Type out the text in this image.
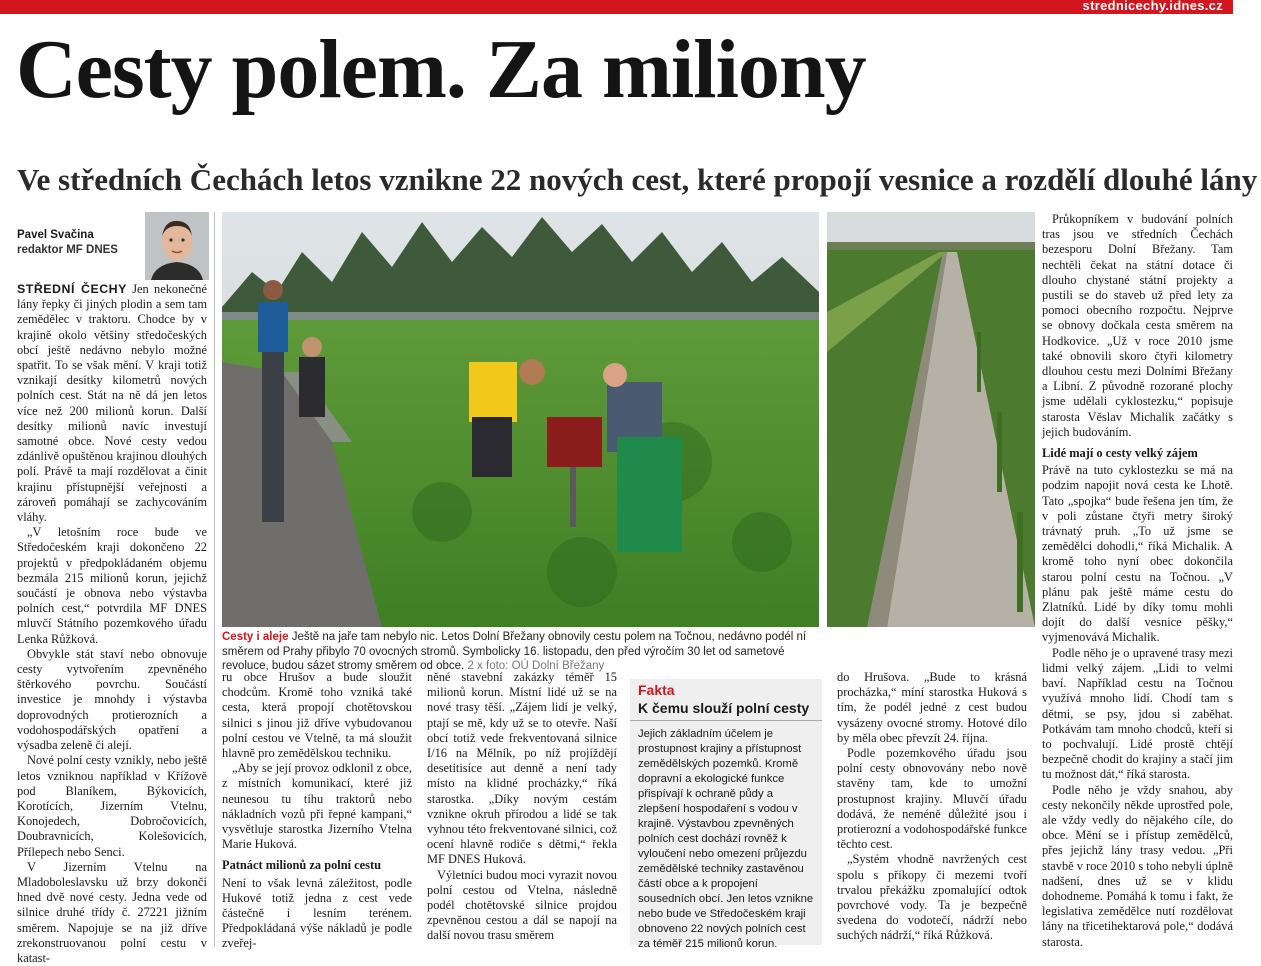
strednicechy.idnes.cz
Cesty polem. Za miliony
Ve středních Čechách letos vznikne 22 nových cest, které propojí vesnice a rozdělí dlouhé lány
Pavel Svačina
redaktor MF DNES

STŘEDNÍ ČECHY Jen nekonečné lány řepky či jiných plodin a sem tam zemědělec v traktoru. Chodce by v krajině okolo většiny středočeských obcí ještě nedávno nebylo možné spatřit. To se však mění. V kraji totiž vznikají desítky kilometrů nových polních cest. Stát na ně dá jen letos více než 200 milionů korun. Další desítky milionů navíc investují samotné obce. Nové cesty vedou zdánlivě opuštěnou krajinou dlouhých polí. Právě ta mají rozdělovat a činit krajinu přístupnější veřejnosti a zároveň pomáhají se zachycováním vláhy.

„V letošním roce bude ve Středočeském kraji dokončeno 22 projektů v předpokládaném objemu bezmála 215 milionů korun, jejichž součástí je obnova nebo výstavba polních cest,“ potvrdila MF DNES mluvčí Státního pozemkového úřadu Lenka Růžková.

Obvykle stát staví nebo obnovuje cesty vytvořením zpevněného štěrkového povrchu. Součástí investice je mnohdy i výstavba doprovodných protierozních a vodohospodářských opatření a výsadba zeleně či alejí.

Nové polní cesty vznikly, nebo ještě letos vzniknou například v Křížově pod Blaníkem, Býkovicích, Korotících, Jizerním Vtelnu, Konojedech, Dobročovicích, Doubravnicích, Kolešovicích, Přílepech nebo Senci.

V Jizerním Vtelnu na Mladoboleslavsku už brzy dokončí hned dvě nové cesty. Jedna vede od silnice druhé třídy č. 27221 jižním směrem. Napojuje se na již dříve zrekonstruovanou polní cestu v katast-

Cesty i aleje Ještě na jaře tam nebylo nic. Letos Dolní Břežany obnovily cestu polem na Točnou, nedávno podél ní směrem od Prahy přibylo 70 ovocných stromů. Symbolicky 16. listopadu, den před výročím 30 let od sametové revoluce, budou sázet stromy směrem od obce. 2 x foto: OÚ Dolní Břežany

ru obce Hrušov a bude sloužit chodcům. Kromě toho vzniká také cesta, která propojí chotětovskou silnici s jinou již dříve vybudovanou polní cestou ve Vtelně, ta má sloužit hlavně pro zemědělskou techniku.

„Aby se její provoz odklonil z obce, z místních komunikací, které již neunesou tu tíhu traktorů nebo nákladních vozů při řepné kampani,“ vysvětluje starostka Jizerního Vtelna Marie Huková.

Patnáct milionů za polní cestu

Není to však levná záležitost, podle Hukové totiž jedna z cest vede částečně i lesním terénem. Předpokládaná výše nákladů je podle zveřej-

něné stavební zakázky téměř 15 milionů korun. Místní lidé už se na nové trasy těší. „Zájem lidí je velký, ptají se mě, kdy už se to otevře. Naší obcí totiž vede frekventovaná silnice I/16 na Mělník, po níž projíždějí desetitisíce aut denně a není tady místo na klidné procházky,“ říká starostka. „Díky novým cestám vznikne okruh přírodou a lidé se tak vyhnou této frekventované silnici, což ocení hlavně rodiče s dětmi,“ řekla MF DNES Huková.

Výletníci budou moci vyrazit novou polní cestou od Vtelna, následně podél chotětovské silnice projdou zpevněnou cestou a dál se napojí na další novou trasu směrem

Fakta
K čemu slouží polní cesty
Jejich základním účelem je prostupnost krajiny a přístupnost zemědělských pozemků. Kromě dopravní a ekologické funkce přispívají k ochraně půdy a zlepšení hospodaření s vodou v krajině. Výstavbou zpevněných polních cest dochází rovněž k vyloučení nebo omezení průjezdu zemědělské techniky zastavěnou částí obce a k propojení sousedních obcí. Jen letos vznikne nebo bude ve Středočeském kraji obnoveno 22 nových polních cest za téměř 215 milionů korun.

do Hrušova. „Bude to krásná procházka,“ míní starostka Huková s tím, že podél jedné z cest budou vysázeny ovocné stromy. Hotové dílo by měla obec převzít 24. října.

Podle pozemkového úřadu jsou polní cesty obnovovány nebo nově stavěny tam, kde to umožní prostupnost krajiny. Mluvčí úřadu dodává, že neméně důležité jsou i protierozní a vodohospodářské funkce těchto cest.

„Systém vhodně navržených cest spolu s příkopy či mezemi tvoří trvalou překážku zpomalující odtok povrchové vody. Ta je bezpečně svedena do vodotečí, nádrží nebo suchých nádrží,“ říká Růžková.

Průkopníkem v budování polních tras jsou ve středních Čechách bezesporu Dolní Břežany. Tam nechtěli čekat na státní dotace či dlouho chystané státní projekty a pustili se do staveb už před lety za pomoci obecního rozpočtu. Nejprve se obnovy dočkala cesta směrem na Hodkovice. „Už v roce 2010 jsme také obnovili skoro čtyři kilometry dlouhou cestu mezi Dolními Břežany a Libní. Z původně rozorané plochy jsme udělali cyklostezku,“ popisuje starosta Věslav Michalik začátky s jejich budováním.

Lidé mají o cesty velký zájem

Právě na tuto cyklostezku se má na podzim napojit nová cesta ke Lhotě. Tato „spojka“ bude řešena jen tím, že v poli zůstane čtyři metry široký trávnatý pruh. „To už jsme se zemědělci dohodli,“ říká Michalik. A kromě toho nyní obec dokončila starou polní cestu na Točnou. „V plánu pak ještě máme cestu do Zlatníků. Lidé by díky tomu mohli dojít do další vesnice pěšky,“ vyjmenovává Michalik.

Podle něho je o upravené trasy mezi lidmi velký zájem. „Lidi to velmi baví. Například cestu na Točnou využívá mnoho lidí. Chodí tam s dětmi, se psy, jdou si zaběhat. Potkávám tam mnoho chodců, kteří si to pochvalují. Lidé prostě chtějí bezpečně chodit do krajiny a stačí jim tu možnost dát,“ říká starosta.

Podle něho je vždy snahou, aby cesty nekončily někde uprostřed pole, ale vždy vedly do nějakého cíle, do obce. Mění se i přístup zemědělců, přes jejichž lány trasy vedou. „Při stavbě v roce 2010 s toho nebyli úplně nadšení, dnes už se v klidu dohodneme. Pomáhá k tomu i fakt, že legislativa zemědělce nutí rozdělovat lány na třicetihektarová pole,“ dodává starosta.
